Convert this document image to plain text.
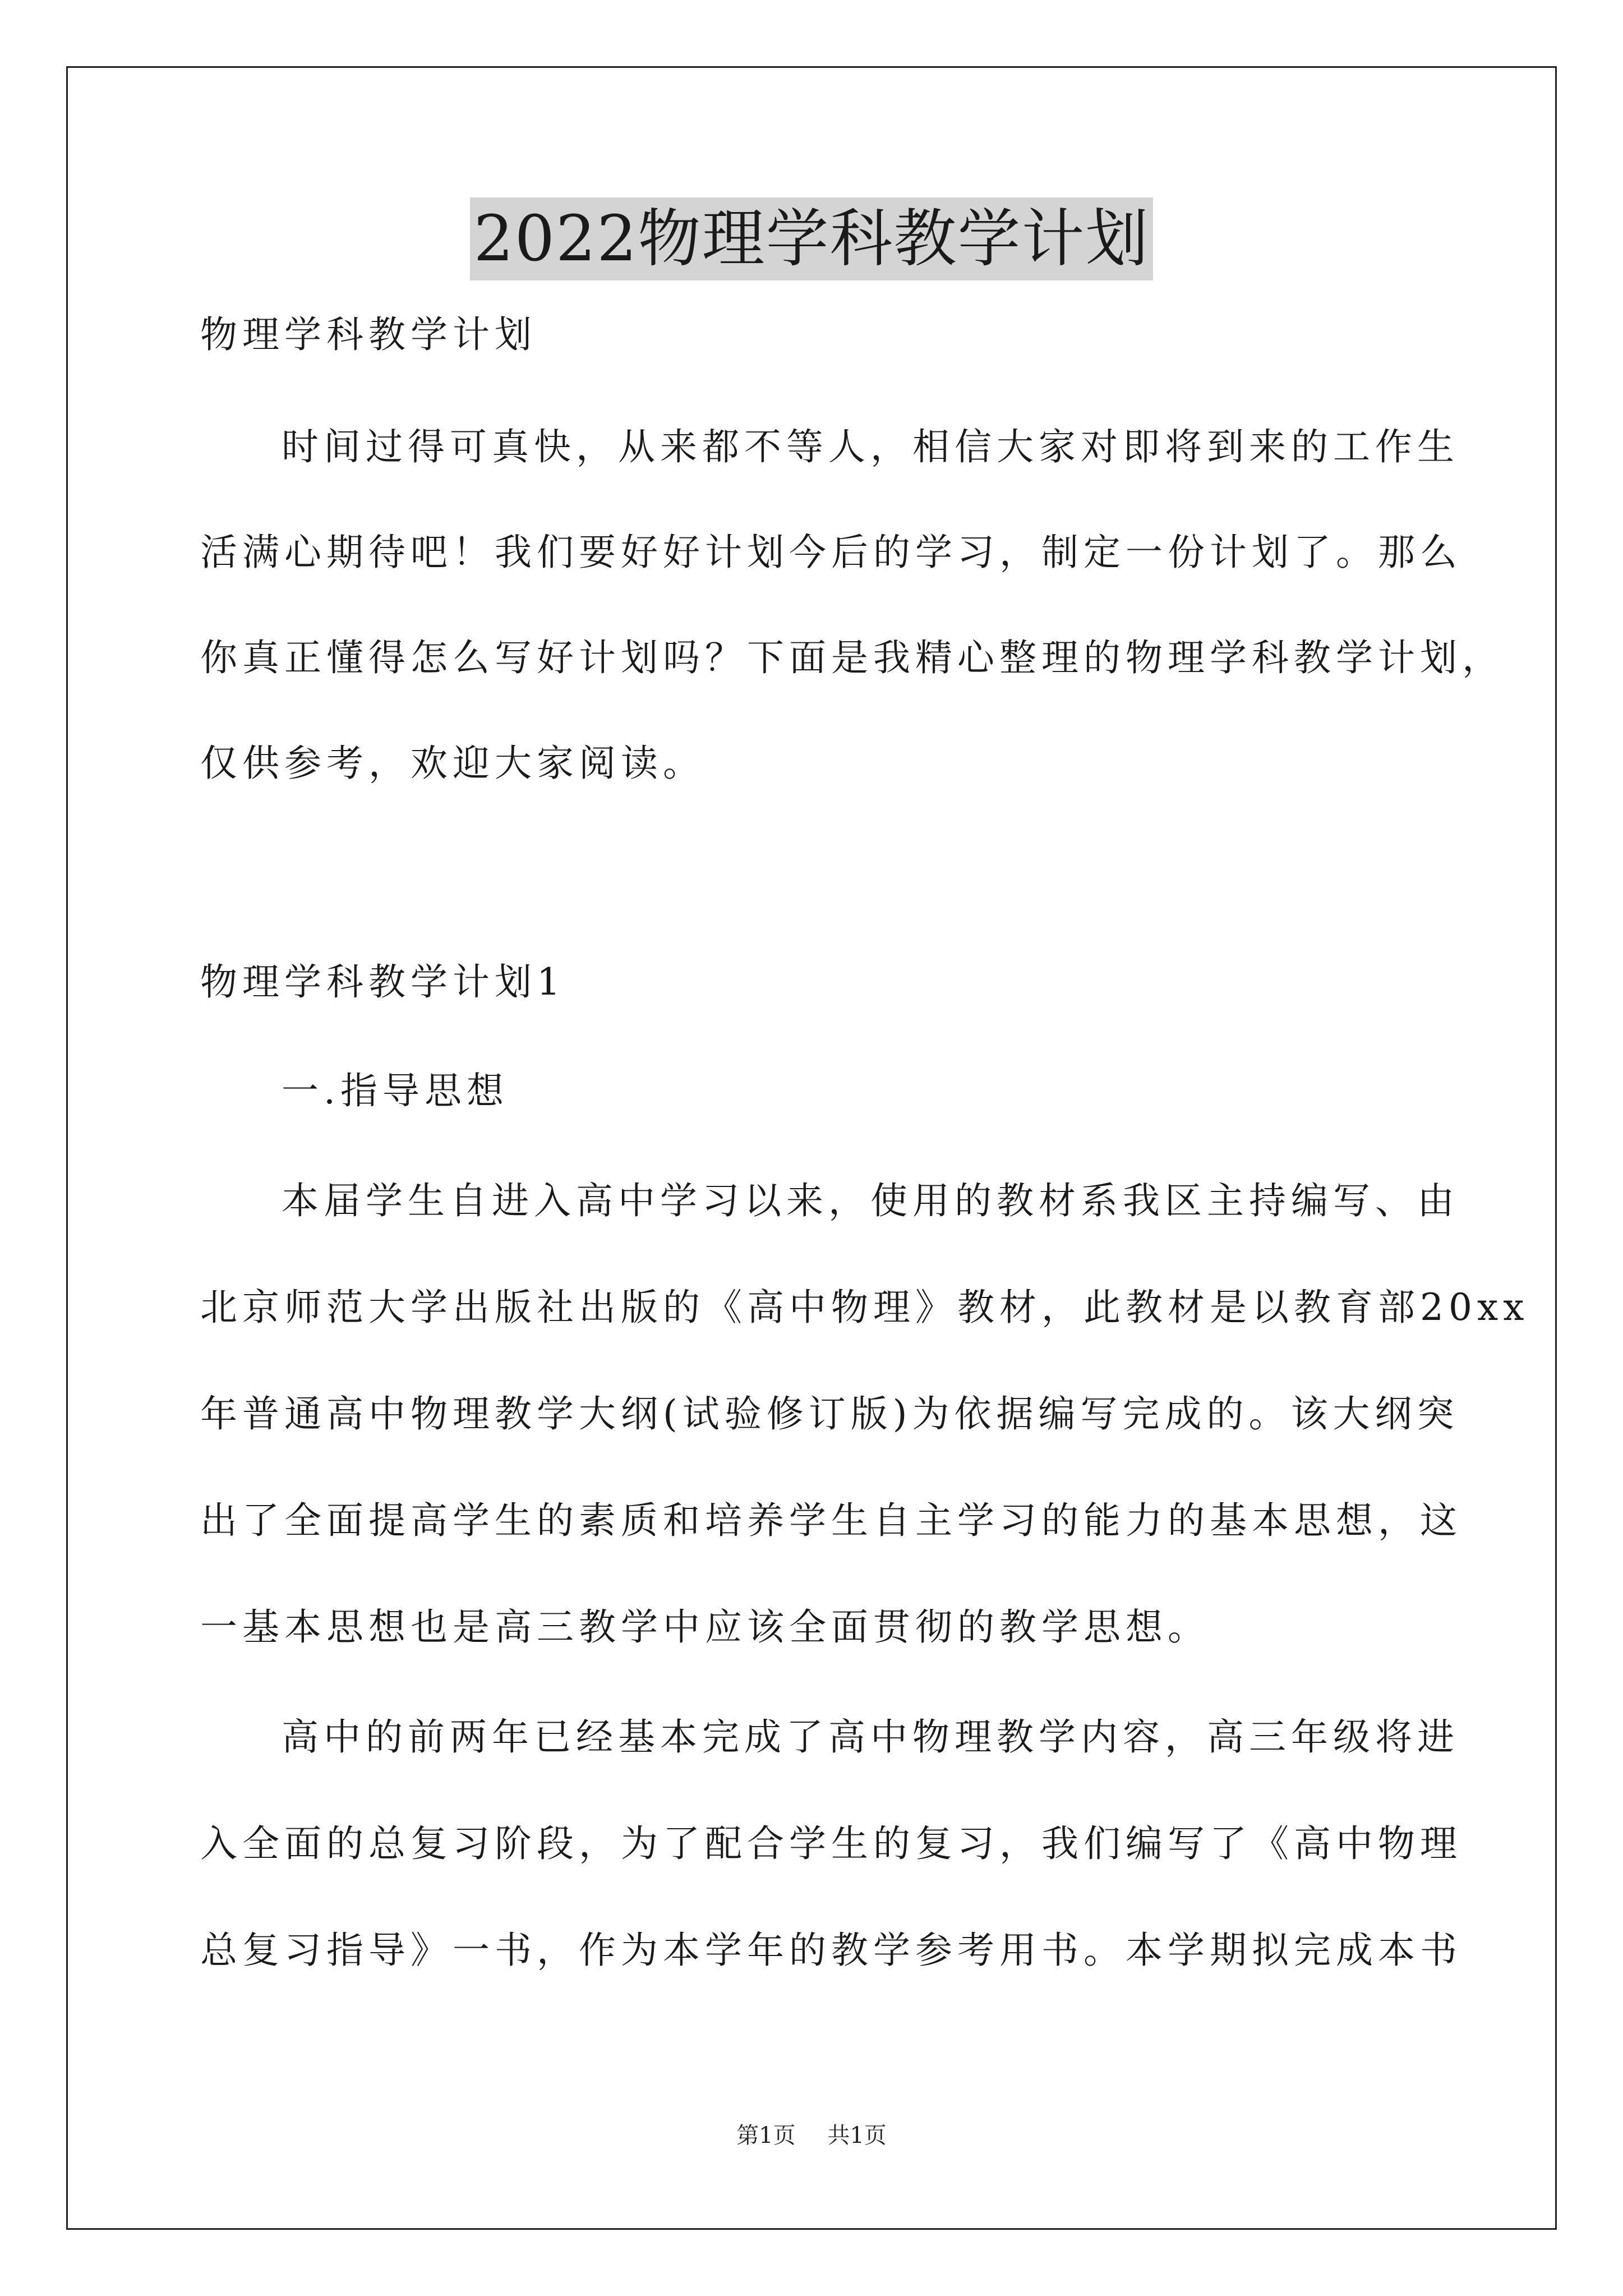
2022物理学科教学计划
物理学科教学计划
时间过得可真快，从来都不等人，相信大家对即将到来的工作生
活满心期待吧！我们要好好计划今后的学习，制定一份计划了。那么
你真正懂得怎么写好计划吗？下面是我精心整理的物理学科教学计划，
仅供参考，欢迎大家阅读。
物理学科教学计划1
一.指导思想
本届学生自进入高中学习以来，使用的教材系我区主持编写、由
北京师范大学出版社出版的《高中物理》教材，此教材是以教育部20xx
年普通高中物理教学大纲(试验修订版)为依据编写完成的。该大纲突
出了全面提高学生的素质和培养学生自主学习的能力的基本思想，这
一基本思想也是高三教学中应该全面贯彻的教学思想。
高中的前两年已经基本完成了高中物理教学内容，高三年级将进
入全面的总复习阶段，为了配合学生的复习，我们编写了《高中物理
总复习指导》一书，作为本学年的教学参考用书。本学期拟完成本书
第1页 共1页
